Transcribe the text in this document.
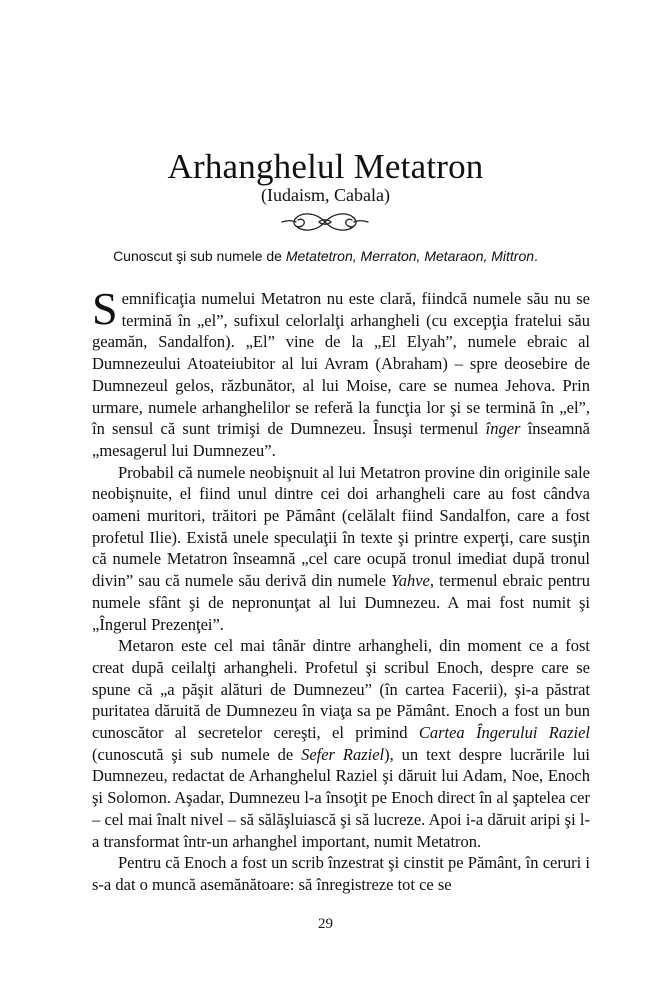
Arhanghelul Metatron
(Iudaism, Cabala)
Cunoscut şi sub numele de Metatetron, Merraton, Metaraon, Mittron.

Semnificaţia numelui Metatron nu este clară, fiindcă numele său nu se termină în „el”, sufixul celorlalţi arhangheli (cu excepţia fratelui său geamăn, Sandalfon). „El” vine de la „El Elyah”, numele ebraic al Dumnezeului Atoateiubitor al lui Avram (Abraham) – spre deosebire de Dumnezeul gelos, răzbunător, al lui Moise, care se numea Jehova. Prin urmare, numele arhanghelilor se referă la funcţia lor şi se termină în „el”, în sensul că sunt trimişi de Dumnezeu. Însuşi termenul înger înseamnă „mesagerul lui Dumnezeu”.

Probabil că numele neobişnuit al lui Metatron provine din originile sale neobişnuite, el fiind unul dintre cei doi arhangheli care au fost cândva oameni muritori, trăitori pe Pământ (celălalt fiind Sandalfon, care a fost profetul Ilie). Există unele speculaţii în texte şi printre experţi, care susţin că numele Metatron înseamnă „cel care ocupă tronul imediat după tronul divin” sau că numele său derivă din numele Yahve, termenul ebraic pentru numele sfânt şi de nepronunţat al lui Dumnezeu. A mai fost numit şi „Îngerul Prezenţei”.

Metaron este cel mai tânăr dintre arhangheli, din moment ce a fost creat după ceilalţi arhangheli. Profetul şi scribul Enoch, despre care se spune că „a păşit alături de Dumnezeu” (în cartea Facerii), şi-a păstrat puritatea dăruită de Dumnezeu în viaţa sa pe Pământ. Enoch a fost un bun cunoscător al secretelor cereşti, el primind Cartea Îngerului Raziel (cunoscută şi sub numele de Sefer Raziel), un text despre lucrările lui Dumnezeu, redactat de Arhanghelul Raziel şi dăruit lui Adam, Noe, Enoch şi Solomon. Aşadar, Dumnezeu l-a însoţit pe Enoch direct în al şaptelea cer – cel mai înalt nivel – să sălăşluiască şi să lucreze. Apoi i-a dăruit aripi şi l-a transformat într-un arhanghel important, numit Metatron.

Pentru că Enoch a fost un scrib înzestrat şi cinstit pe Pământ, în ceruri i s-a dat o muncă asemănătoare: să înregistreze tot ce se

29
